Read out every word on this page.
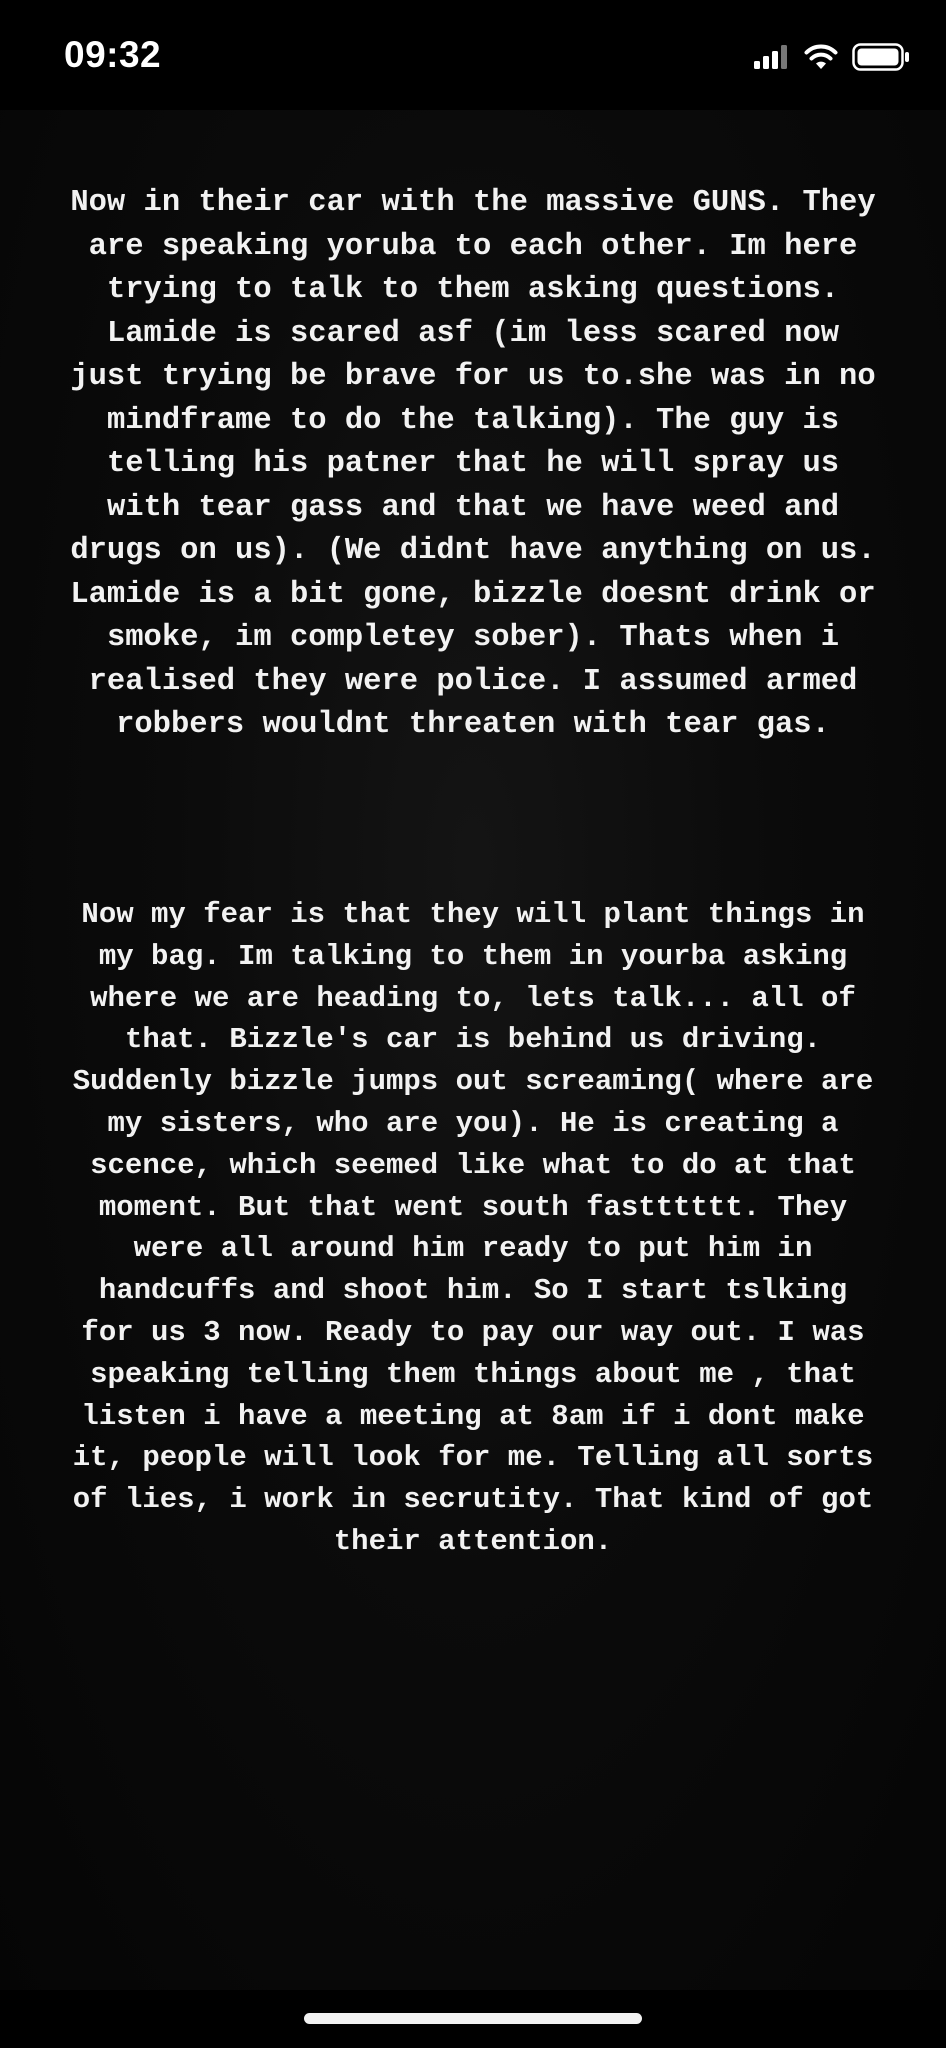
09:32
Now in their car with the massive GUNS. They
are speaking yoruba to each other. Im here
trying to talk to them asking questions.
Lamide is scared asf (im less scared now
just trying be brave for us to.she was in no
mindframe to do the talking). The guy is
telling his patner that he will spray us
with tear gass and that we have weed and
drugs on us). (We didnt have anything on us.
Lamide is a bit gone, bizzle doesnt drink or
smoke, im completey sober). Thats when i
realised they were police. I assumed armed
robbers wouldnt threaten with tear gas.
Now my fear is that they will plant things in
my bag. Im talking to them in yourba asking
where we are heading to, lets talk... all of
that. Bizzle's car is behind us driving.
Suddenly bizzle jumps out screaming( where are
my sisters, who are you). He is creating a
scence, which seemed like what to do at that
moment. But that went south fastttttt. They
were all around him ready to put him in
handcuffs and shoot him. So I start tslking
for us 3 now. Ready to pay our way out. I was
speaking telling them things about me , that
listen i have a meeting at 8am if i dont make
it, people will look for me. Telling all sorts
of lies, i work in secrutity. That kind of got
their attention.
